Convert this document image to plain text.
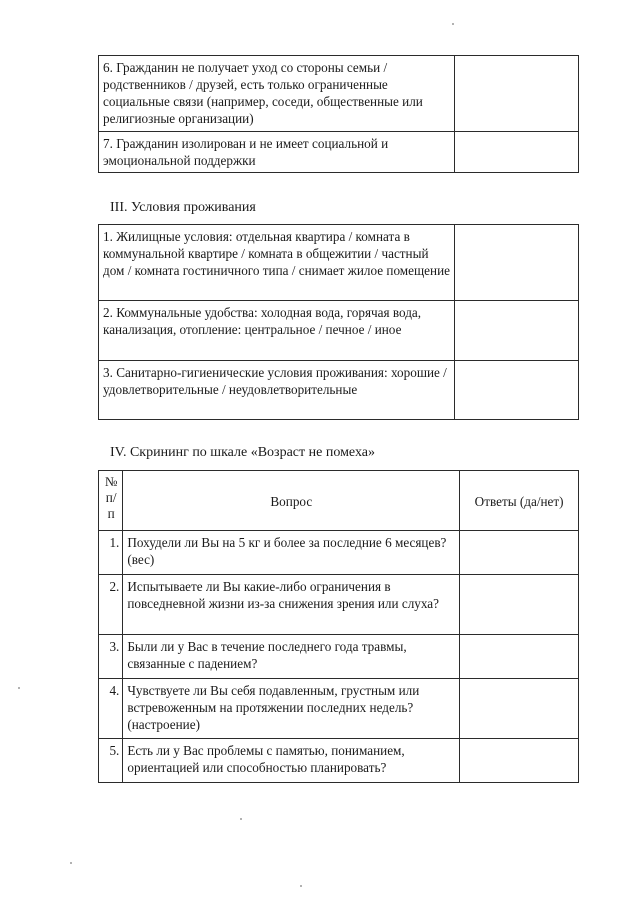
6. Гражданин не получает уход со стороны семьи / родственников / друзей, есть только ограниченные социальные связи (например, соседи, общественные или религиозные организации)	
7. Гражданин изолирован и не имеет социальной и эмоциональной поддержки	
III. Условия проживания
1. Жилищные условия: отдельная квартира / комната в коммунальной квартире / комната в общежитии / частный дом / комната гостиничного типа / снимает жилое помещение	
2. Коммунальные удобства: холодная вода, горячая вода, канализация, отопление: центральное / печное / иное	
3. Санитарно-гигиенические условия проживания: хорошие / удовлетворительные / неудовлетворительные	
IV. Скрининг по шкале «Возраст не помеха»
№ п/ п	Вопрос	Ответы (да/нет)
1.	Похудели ли Вы на 5 кг и более за последние 6 месяцев? (вес)	
2.	Испытываете ли Вы какие-либо ограничения в повседневной жизни из-за снижения зрения или слуха?	
3.	Были ли у Вас в течение последнего года травмы, связанные с падением?	
4.	Чувствуете ли Вы себя подавленным, грустным или встревоженным на протяжении последних недель? (настроение)	
5.	Есть ли у Вас проблемы с памятью, пониманием, ориентацией или способностью планировать?	
